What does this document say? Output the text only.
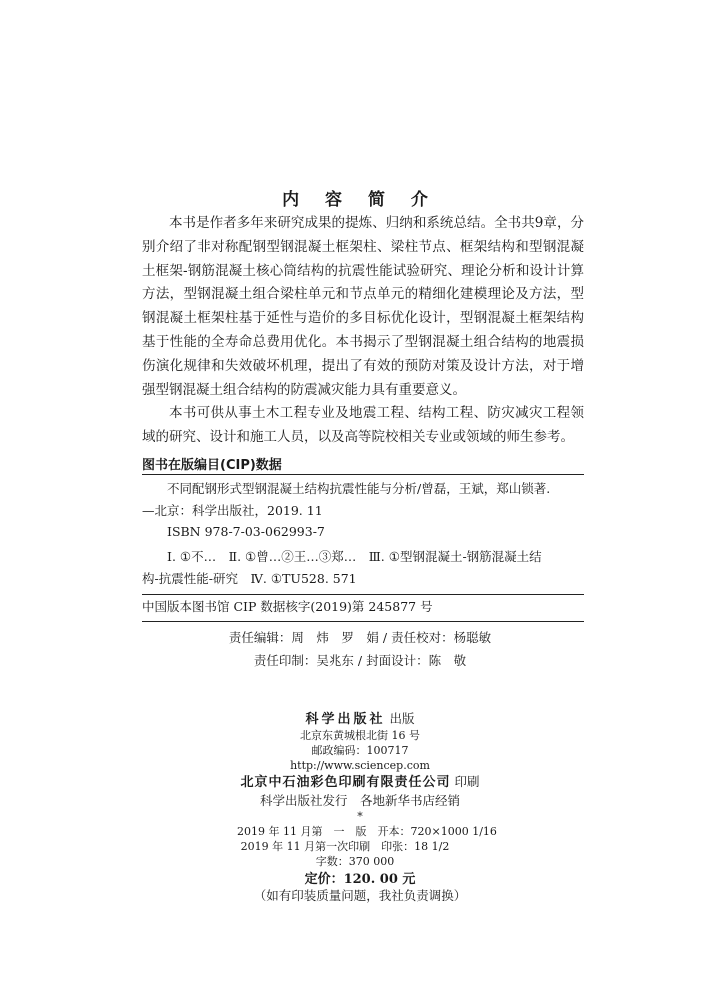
内 容 简 介

本书是作者多年来研究成果的提炼、归纳和系统总结。全书共9章，分别介绍了非对称配钢型钢混凝土框架柱、梁柱节点、框架结构和型钢混凝土框架-钢筋混凝土核心筒结构的抗震性能试验研究、理论分析和设计计算方法，型钢混凝土组合梁柱单元和节点单元的精细化建模理论及方法，型钢混凝土框架柱基于延性与造价的多目标优化设计，型钢混凝土框架结构基于性能的全寿命总费用优化。本书揭示了型钢混凝土组合结构的地震损伤演化规律和失效破坏机理，提出了有效的预防对策及设计方法，对于增强型钢混凝土组合结构的防震减灾能力具有重要意义。

本书可供从事土木工程专业及地震工程、结构工程、防灾减灾工程领域的研究、设计和施工人员，以及高等院校相关专业或领域的师生参考。

图书在版编目(CIP)数据
不同配钢形式型钢混凝土结构抗震性能与分析/曾磊，王斌，郑山锁著.
—北京：科学出版社，2019. 11
ISBN 978-7-03-062993-7
Ⅰ. ①不…　Ⅱ. ①曾…②王…③郑…　Ⅲ. ①型钢混凝土-钢筋混凝土结
构-抗震性能-研究　Ⅳ. ①TU528. 571
中国版本图书馆 CIP 数据核字(2019)第 245877 号
责任编辑：周　炜　罗　娟 / 责任校对：杨聪敏
责任印制：吴兆东 / 封面设计：陈　敬
科学出版社 出版
北京东黄城根北街 16 号
邮政编码：100717
http://www.sciencep.com
北京中石油彩色印刷有限责任公司 印刷
科学出版社发行　各地新华书店经销
*
2019 年 11 月第　一　版　开本：720×1000 1/16
2019 年 11 月第一次印刷　印张：18 1/2
字数：370 000
定价：120. 00 元
（如有印装质量问题，我社负责调换）
